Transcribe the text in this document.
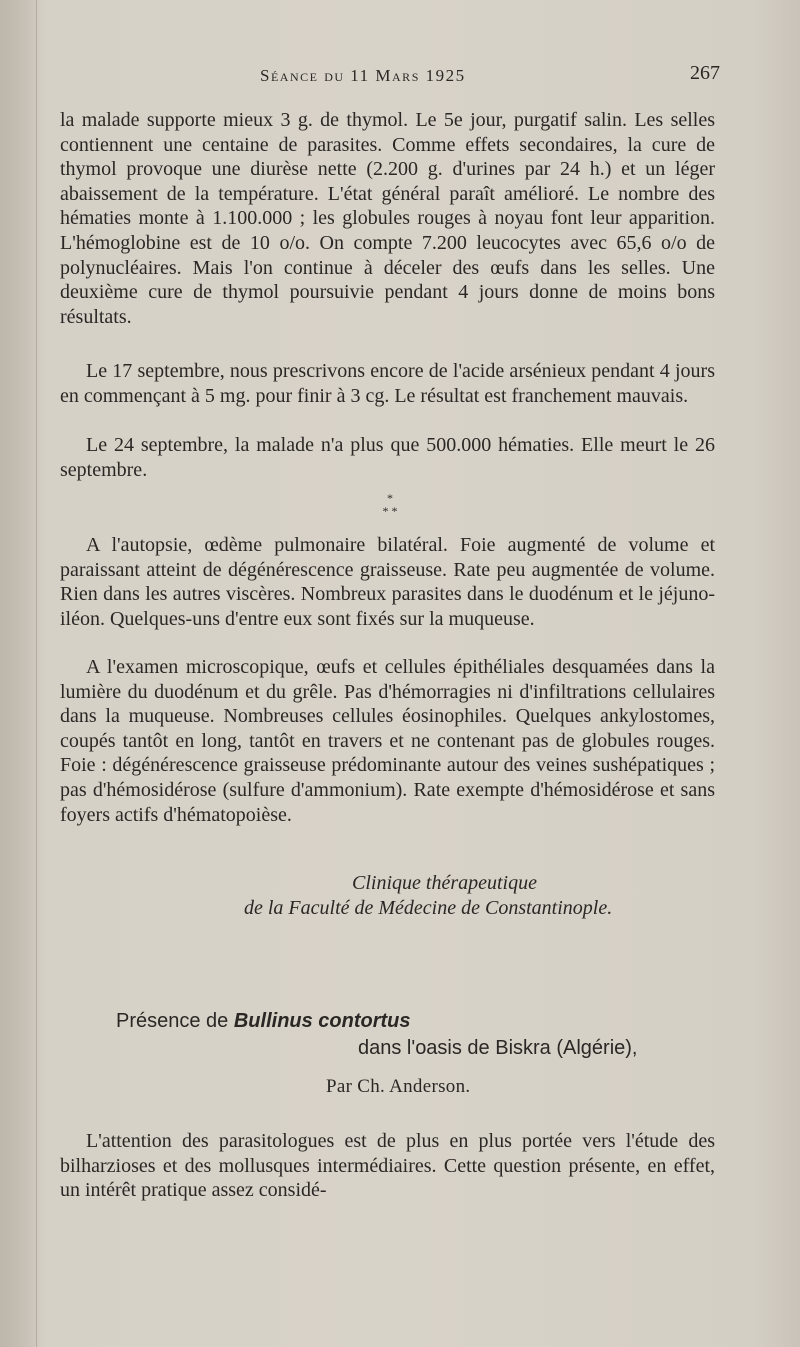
Séance du 11 Mars 1925	267

la malade supporte mieux 3 g. de thymol. Le 5e jour, purgatif salin. Les selles contiennent une centaine de parasites. Comme effets secondaires, la cure de thymol provoque une diurèse nette (2.200 g. d'urines par 24 h.) et un léger abaissement de la température. L'état général paraît amélioré. Le nombre des hématies monte à 1.100.000 ; les globules rouges à noyau font leur apparition. L'hémoglobine est de 10 o/o. On compte 7.200 leucocytes avec 65,6 o/o de polynucléaires. Mais l'on continue à déceler des œufs dans les selles. Une deuxième cure de thymol poursuivie pendant 4 jours donne de moins bons résultats.

Le 17 septembre, nous prescrivons encore de l'acide arsénieux pendant 4 jours en commençant à 5 mg. pour finir à 3 cg. Le résultat est franchement mauvais.

Le 24 septembre, la malade n'a plus que 500.000 hématies. Elle meurt le 26 septembre.

*
* *

A l'autopsie, œdème pulmonaire bilatéral. Foie augmenté de volume et paraissant atteint de dégénérescence graisseuse. Rate peu augmentée de volume. Rien dans les autres viscères. Nombreux parasites dans le duodénum et le jéjuno-iléon. Quelques-uns d'entre eux sont fixés sur la muqueuse.

A l'examen microscopique, œufs et cellules épithéliales desquamées dans la lumière du duodénum et du grêle. Pas d'hémorragies ni d'infiltrations cellulaires dans la muqueuse. Nombreuses cellules éosinophiles. Quelques ankylostomes, coupés tantôt en long, tantôt en travers et ne contenant pas de globules rouges. Foie : dégénérescence graisseuse prédominante autour des veines sushépatiques ; pas d'hémosidérose (sulfure d'ammonium). Rate exempte d'hémosidérose et sans foyers actifs d'hématopoièse.

Clinique thérapeutique
de la Faculté de Médecine de Constantinople.
Présence de Bullinus contortus
dans l'oasis de Biskra (Algérie),
Par Ch. Anderson.

L'attention des parasitologues est de plus en plus portée vers l'étude des bilharzioses et des mollusques intermédiaires. Cette question présente, en effet, un intérêt pratique assez considé-
